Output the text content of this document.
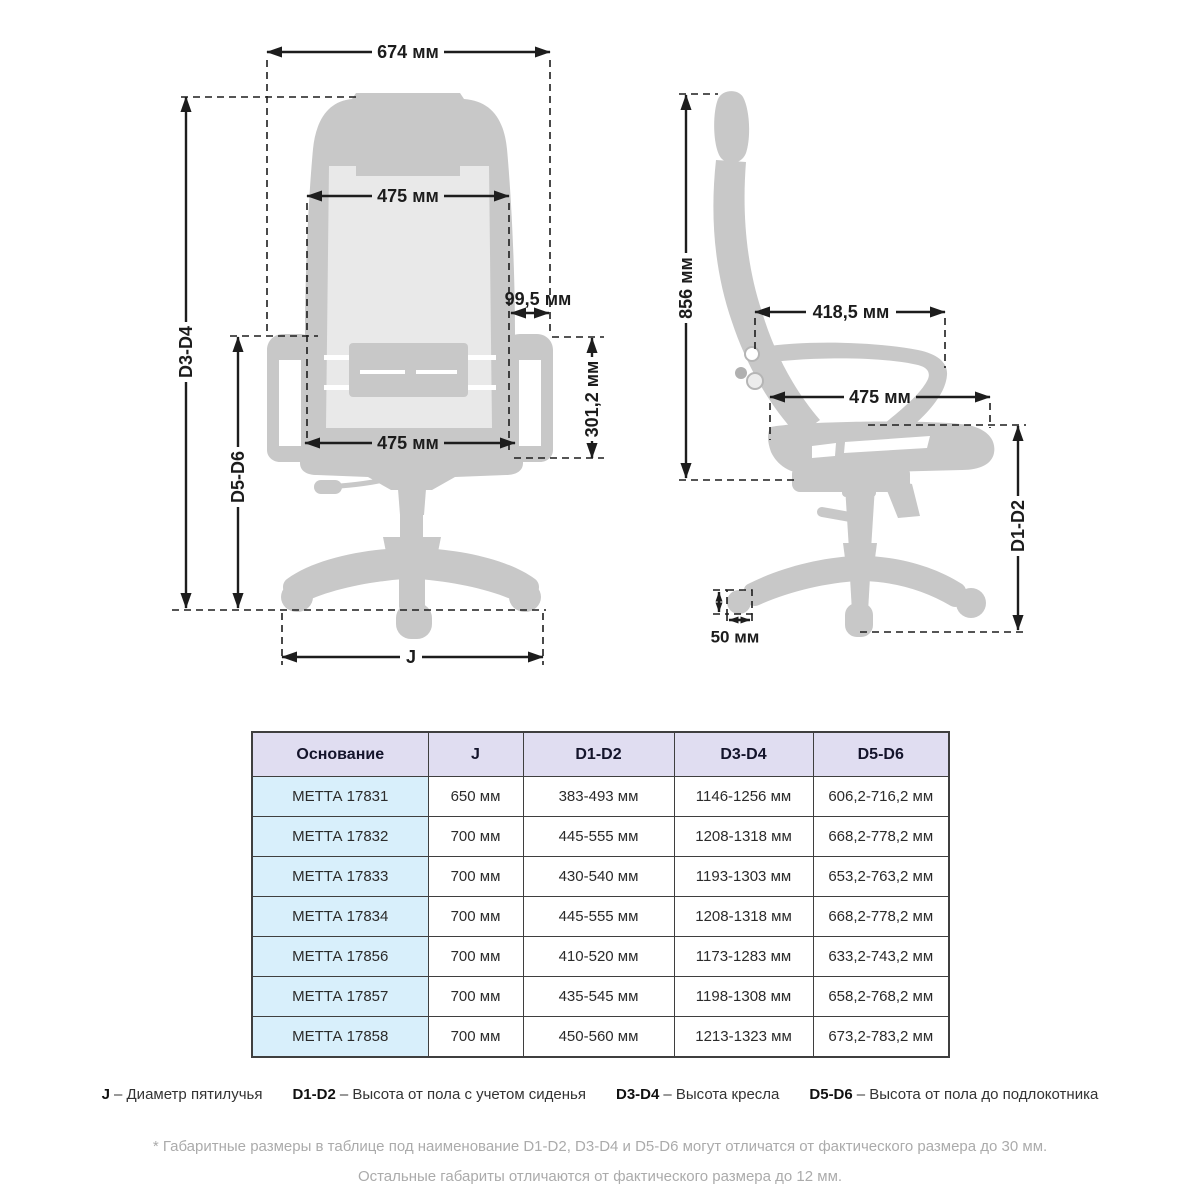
674 мм
475 мм
99,5 мм
301,2 мм
475 мм
D3-D4
D5-D6
J
856 мм	418,5 мм
475 мм
D1-D2
50 мм
Основание	J	D1-D2	D3-D4	D5-D6
МЕТТА 17831	650 мм	383-493 мм	1146-1256 мм	606,2-716,2 мм
МЕТТА 17832	700 мм	445-555 мм	1208-1318 мм	668,2-778,2 мм
МЕТТА 17833	700 мм	430-540 мм	1193-1303 мм	653,2-763,2 мм
МЕТТА 17834	700 мм	445-555 мм	1208-1318 мм	668,2-778,2 мм
МЕТТА 17856	700 мм	410-520 мм	1173-1283 мм	633,2-743,2 мм
МЕТТА 17857	700 мм	435-545 мм	1198-1308 мм	658,2-768,2 мм
МЕТТА 17858	700 мм	450-560 мм	1213-1323 мм	673,2-783,2 мм
J – Диаметр пятилучья D1-D2 – Высота от пола с учетом сиденья D3-D4 – Высота кресла D5-D6 – Высота от пола до подлокотника
* Габаритные размеры в таблице под наименование D1-D2, D3-D4 и D5-D6 могут отличатся от фактического размера до 30 мм.
Остальные габариты отличаются от фактического размера до 12 мм.
